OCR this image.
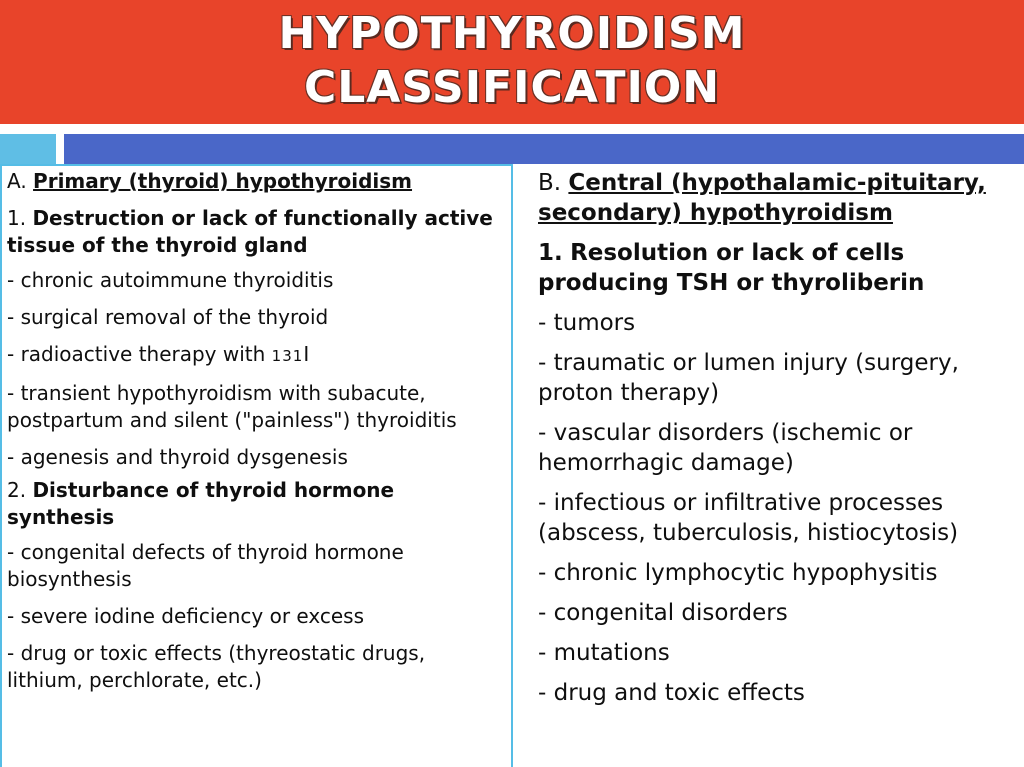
HYPOTHYROIDISM
CLASSIFICATION

A. Primary (thyroid) hypothyroidism

1. Destruction or lack of functionally active tissue of the thyroid gland

- chronic autoimmune thyroiditis

- surgical removal of the thyroid

- radioactive therapy with 131I

- transient hypothyroidism with subacute, postpartum and silent ("painless") thyroiditis

- agenesis and thyroid dysgenesis

2. Disturbance of thyroid hormone synthesis

- congenital defects of thyroid hormone biosynthesis

- severe iodine deficiency or excess

- drug or toxic effects (thyreostatic drugs, lithium, perchlorate, etc.)

B. Central (hypothalamic-pituitary, secondary) hypothyroidism

1. Resolution or lack of cells producing TSH or thyroliberin

- tumors

- traumatic or lumen injury (surgery, proton therapy)

- vascular disorders (ischemic or hemorrhagic damage)

- infectious or infiltrative processes (abscess, tuberculosis, histiocytosis)

- chronic lymphocytic hypophysitis

- congenital disorders

- mutations

- drug and toxic effects
